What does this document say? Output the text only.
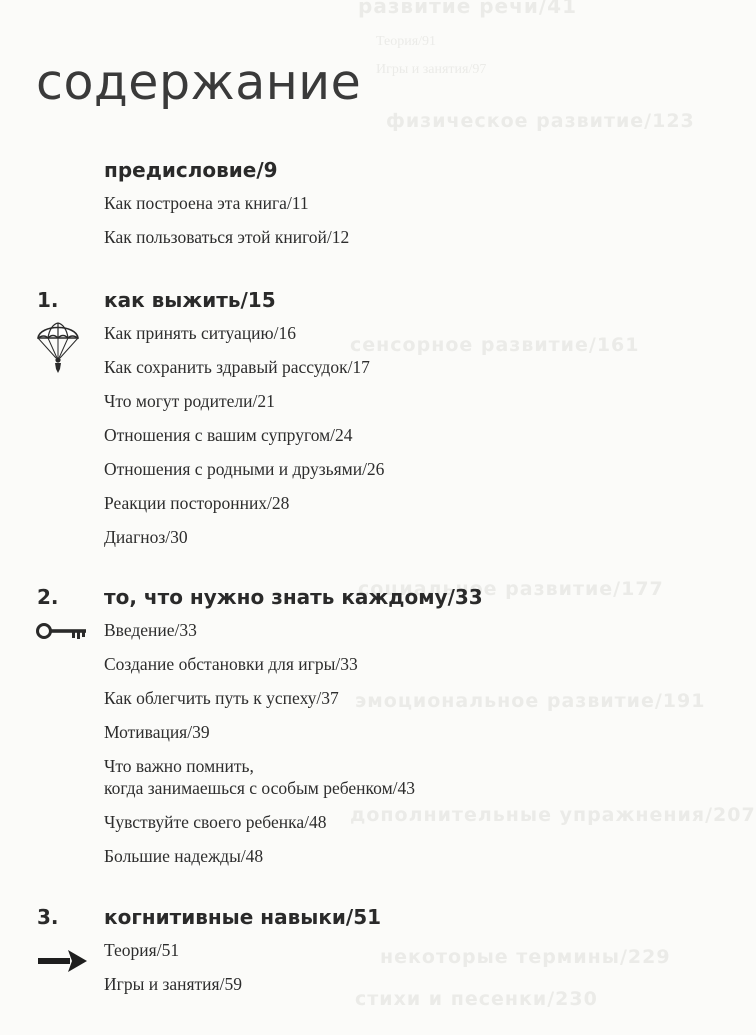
развитие речи/41
Теория/91
Игры и занятия/97
физическое развитие/123
сенсорное развитие/161
социальное развитие/177
эмоциональное развитие/191
дополнительные упражнения/207
некоторые термины/229
стихи и песенки/230
содержание
предисловие/9
Как построена эта книга/11
Как пользоваться этой книгой/12
1. как выжить/15
Как принять ситуацию/16
Как сохранить здравый рассудок/17
Что могут родители/21
Отношения с вашим супругом/24
Отношения с родными и друзьями/26
Реакции посторонних/28
Диагноз/30
2. то, что нужно знать каждому/33
Введение/33
Создание обстановки для игры/33
Как облегчить путь к успеху/37
Мотивация/39
Что важно помнить,
когда занимаешься с особым ребенком/43
Чувствуйте своего ребенка/48
Большие надежды/48
3. когнитивные навыки/51
Теория/51
Игры и занятия/59
